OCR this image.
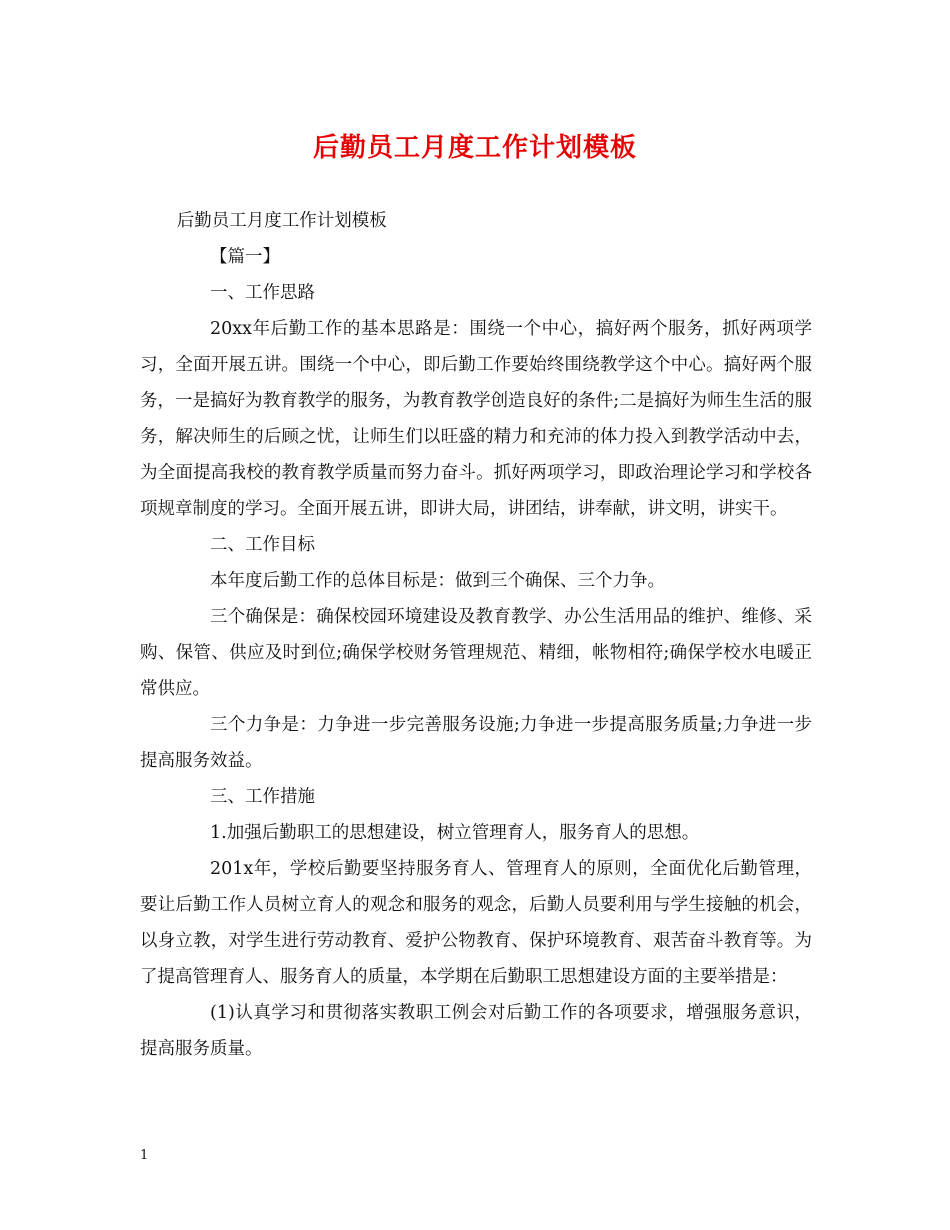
后勤员工月度工作计划模板

后勤员工月度工作计划模板

【篇一】

一、工作思路

20xx年后勤工作的基本思路是：围绕一个中心，搞好两个服务，抓好两项学习，全面开展五讲。围绕一个中心，即后勤工作要始终围绕教学这个中心。搞好两个服务，一是搞好为教育教学的服务，为教育教学创造良好的条件;二是搞好为师生生活的服务，解决师生的后顾之忧，让师生们以旺盛的精力和充沛的体力投入到教学活动中去，为全面提高我校的教育教学质量而努力奋斗。抓好两项学习，即政治理论学习和学校各项规章制度的学习。全面开展五讲，即讲大局，讲团结，讲奉献，讲文明，讲实干。

二、工作目标

本年度后勤工作的总体目标是：做到三个确保、三个力争。

三个确保是：确保校园环境建设及教育教学、办公生活用品的维护、维修、采购、保管、供应及时到位;确保学校财务管理规范、精细，帐物相符;确保学校水电暖正常供应。

三个力争是：力争进一步完善服务设施;力争进一步提高服务质量;力争进一步提高服务效益。

三、工作措施

1.加强后勤职工的思想建设，树立管理育人，服务育人的思想。

201x年，学校后勤要坚持服务育人、管理育人的原则，全面优化后勤管理，要让后勤工作人员树立育人的观念和服务的观念，后勤人员要利用与学生接触的机会，以身立教，对学生进行劳动教育、爱护公物教育、保护环境教育、艰苦奋斗教育等。为了提高管理育人、服务育人的质量，本学期在后勤职工思想建设方面的主要举措是：

(1)认真学习和贯彻落实教职工例会对后勤工作的各项要求，增强服务意识，提高服务质量。

1
